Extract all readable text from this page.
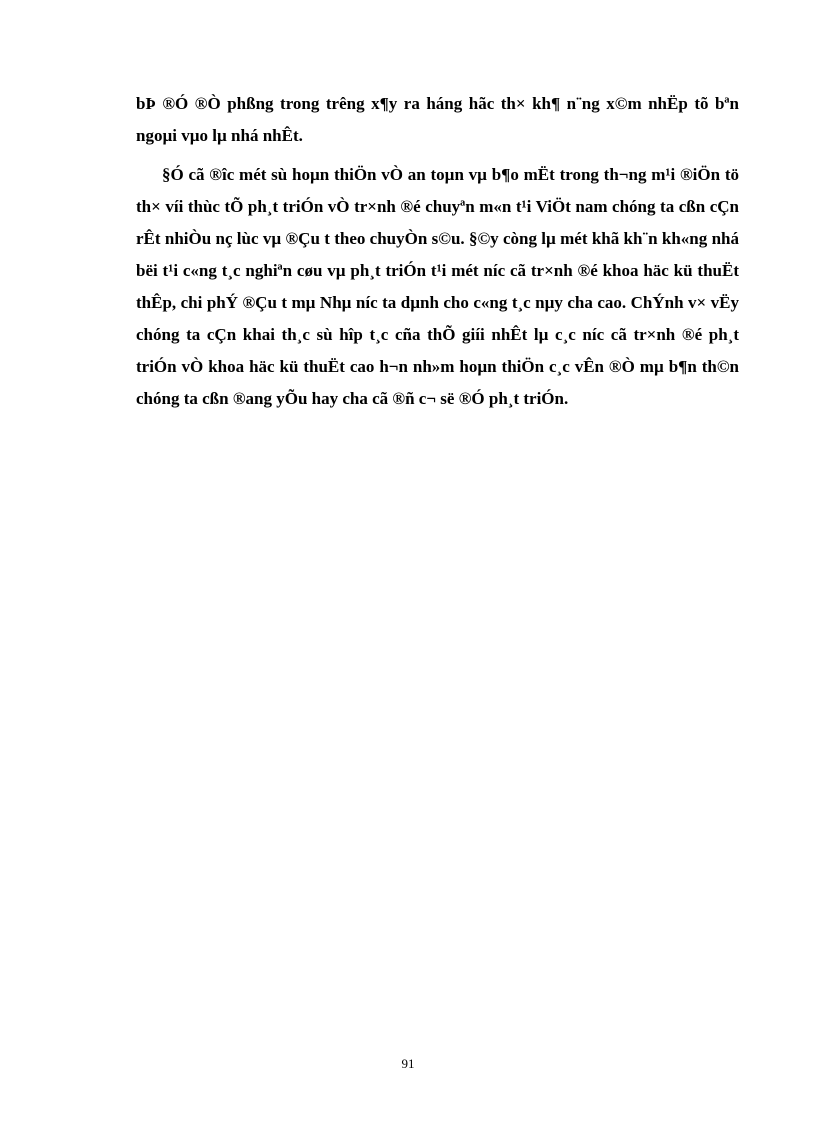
bÞ ®Ó ®Ò phßng trong trêng x¶y ra háng hãc th× kh¶ n¨ng x©m nhËp tõ bªn ngoµi vµo lµ nhá nhÊt.

§Ó cã ®îc mét sù hoµn thiÖn vÒ an toµn vµ b¶o mËt trong th¬ng m¹i ®iÖn tö th× víi thùc tÕ ph¸t triÓn vÒ tr×nh ®é chuyªn m«n t¹i ViÖt nam chóng ta cßn cÇn rÊt nhiÒu nç lùc vµ ®Çu t theo chuyÒn s©u. §©y còng lµ mét khã kh¨n kh«ng nhá bëi t¹i c«ng t¸c nghiªn cøu vµ ph¸t triÓn t¹i mét níc cã tr×nh ®é khoa häc kü thuËt thÊp, chi phÝ ®Çu t mµ Nhµ níc ta dµnh cho c«ng t¸c nµy cha cao. ChÝnh v× vËy chóng ta cÇn khai th¸c sù hîp t¸c cña thÕ giíi nhÊt lµ c¸c níc cã tr×nh ®é ph¸t triÓn vÒ khoa häc kü thuËt cao h¬n nh»m hoµn thiÖn c¸c vÊn ®Ò mµ b¶n th©n chóng ta cßn ®ang yÕu hay cha cã ®ñ c¬ së ®Ó ph¸t triÓn.

91
